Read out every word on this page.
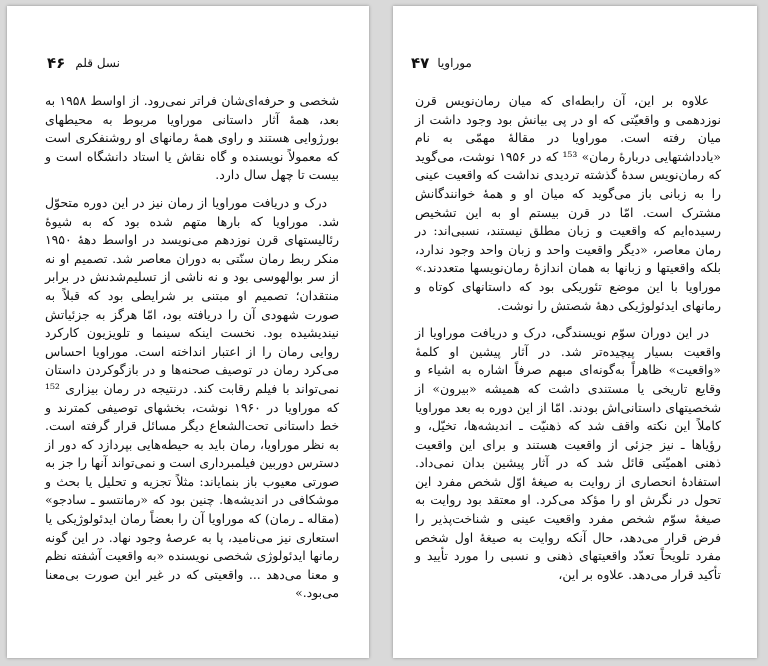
۴۶ نسل قلم

شخصی و حرفه‌ای‌شان فراتر نمی‌رود. از اواسط ۱۹۵۸ به بعد، همهٔ آثار داستانی موراویا مربوط به محیطهای بورژوایی هستند و راوی همهٔ رمانهای او روشنفکری است که معمولاً نویسنده و گاه نقاش یا استاد دانشگاه است و بیست تا چهل سال دارد.

درک و دریافت موراویا از رمان نیز در این دوره متحوّل شد. موراویا که بارها متهم شده بود که به شیوهٔ رئالیستهای قرن نوزدهم می‌نویسد در اواسط دههٔ ۱۹۵۰ منکر ربط رمان سنّتی به دوران معاصر شد. تصمیم او نه از سر بوالهوسی بود و نه ناشی از تسلیم‌شدنش در برابر منتقدان؛ تصمیم او مبتنی بر شرایطی بود که قبلاً به صورت شهودی آن را دریافته بود، امّا هرگز به جزئیاتش نیندیشیده بود. نخست اینکه سینما و تلویزیون کارکرد روایی رمان را از اعتبار انداخته است. موراویا احساس می‌کرد رمان در توصیف صحنه‌ها و در بازگوکردن داستان نمی‌تواند با فیلم رقابت کند. درنتیجه در رمان بیزاری ¹⁵² که موراویا در ۱۹۶۰ نوشت، بخشهای توصیفی کمترند و خط داستانی تحت‌الشعاع دیگر مسائل قرار گرفته است. به نظر موراویا، رمان باید به حیطه‌هایی بپردازد که دور از دسترس دوربین فیلمبرداری است و نمی‌تواند آنها را جز به صورتی معیوب باز بنمایاند: مثلاً تجزیه و تحلیل یا بحث و موشکافی در اندیشه‌ها. چنین بود که «رمانتسو ـ سادجو» (مقاله ـ رمان) که موراویا آن را بعضاً رمان ایدئولوژیکی یا استعاری نیز می‌نامید، پا به عرصهٔ وجود نهاد. در این گونه رمانها ایدئولوژی شخصی نویسنده «به واقعیت آشفته نظم و معنا می‌دهد ... واقعیتی که در غیر این صورت بی‌معنا می‌بود.»

۴۷ موراویا

علاوه بر این، آن رابطه‌ای که میان رمان‌نویس قرن نوزدهمی و واقعیّتی که او در پی بیانش بود وجود داشت از میان رفته است. موراویا در مقالهٔ مهمّی به نام «یادداشتهایی دربارهٔ رمان» ¹⁵³ که در ۱۹۵۶ نوشت، می‌گوید که رمان‌نویس سدهٔ گذشته تردیدی نداشت که واقعیت عینی را به زبانی باز می‌گوید که میان او و همهٔ خوانندگانش مشترک است. امّا در قرن بیستم او به این تشخیص رسیده‌ایم که واقعیت و زبان مطلق نیستند، نسبی‌اند: در رمان معاصر، «دیگر واقعیت واحد و زبان واحد وجود ندارد، بلکه واقعیتها و زبانها به همان اندازهٔ رمان‌نویسها متعددند.» موراویا با این موضع تئوریکی بود که داستانهای کوتاه و رمانهای ایدئولوژیکی دههٔ شصتش را نوشت.

در این دوران سوّم نویسندگی، درک و دریافت موراویا از واقعیت بسیار پیچیده‌تر شد. در آثار پیشین او کلمهٔ «واقعیت» ظاهراً به‌گونه‌ای مبهم صرفاً اشاره به اشیاء و وقایع تاریخی یا مستندی داشت که همیشه «بیرون» از شخصیتهای داستانی‌اش بودند. امّا از این دوره به بعد موراویا کاملاً این نکته واقف شد که ذهنیّت ـ اندیشه‌ها، تخیّل، و رؤیاها ـ نیز جزئی از واقعیت هستند و برای این واقعیت ذهنی اهمیّتی قائل شد که در آثار پیشین بدان نمی‌داد. استفادهٔ انحصاری از روایت به صیغهٔ اوّل شخص مفرد این تحول در نگرش او را مؤکد می‌کرد. او معتقد بود روایت به صیغهٔ سوّم شخص مفرد واقعیت عینی و شناخت‌پذیر را فرض قرار می‌دهد، حال آنکه روایت به صیغهٔ اول شخص مفرد تلویحاً تعدّد واقعیتهای ذهنی و نسبی را مورد تأیید و تأکید قرار می‌دهد. علاوه بر این،
